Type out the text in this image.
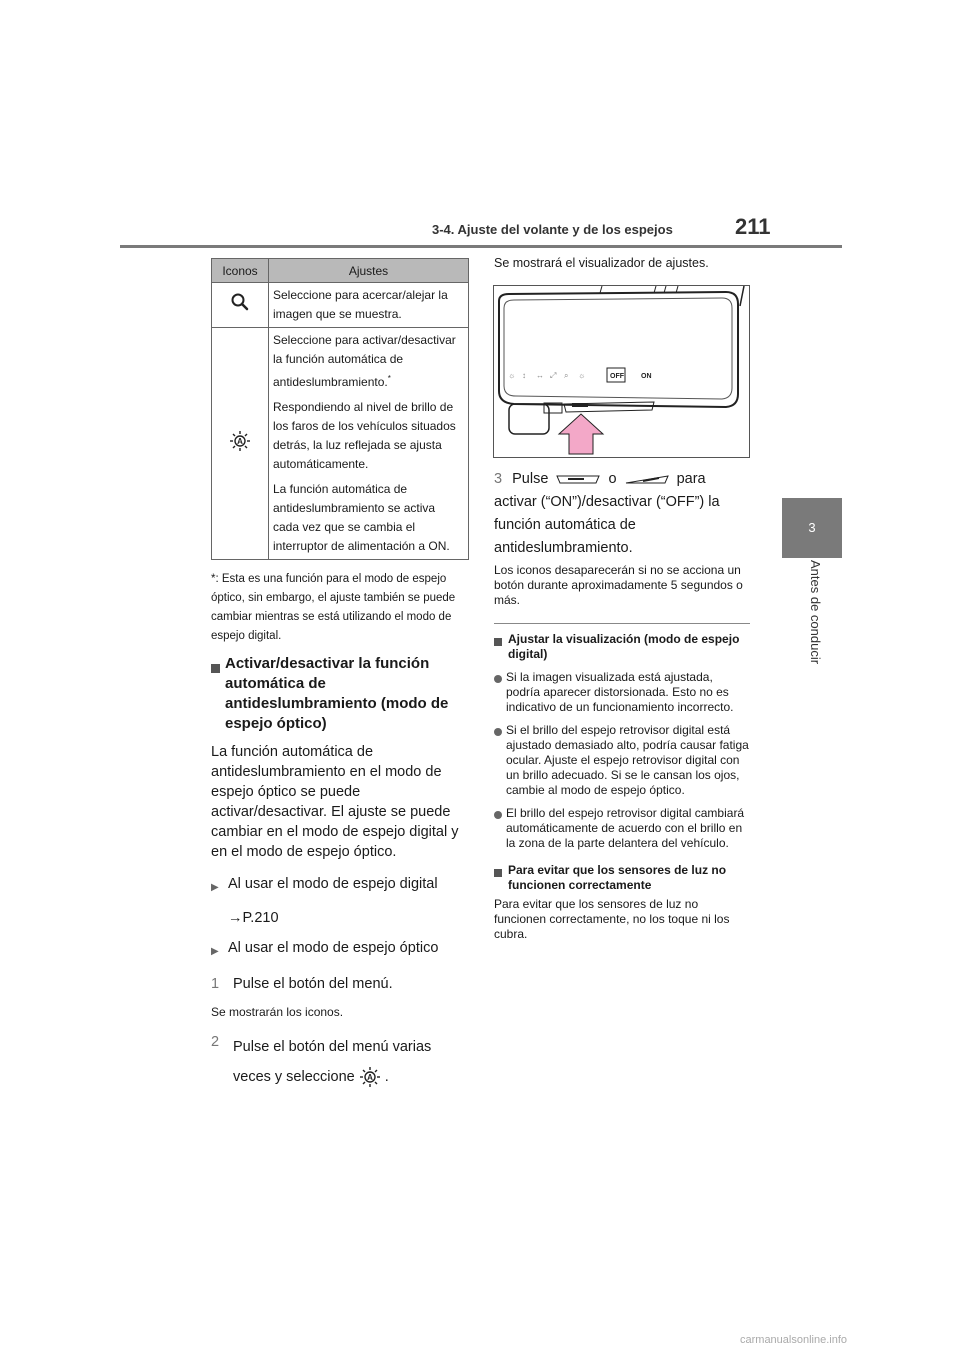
3-4. Ajuste del volante y de los espejos	211
3
Antes de conducir
Iconos	Ajustes

Seleccione para acercar/alejar la imagen que se muestra.

A	Seleccione para activar/desactivar la función automática de antideslumbramiento.*

Respondiendo al nivel de brillo de los faros de los vehículos situados detrás, la luz reflejada se ajusta automáticamente.

La función automática de antideslumbramiento se activa cada vez que se cambia el interruptor de alimentación a ON.

*: Esta es una función para el modo de espejo óptico, sin embargo, el ajuste también se puede cambiar mientras se está utilizando el modo de espejo digital.
Activar/desactivar la función automática de antideslumbramiento (modo de espejo óptico)

La función automática de antideslumbramiento en el modo de espejo óptico se puede activar/desactivar. El ajuste se puede cambiar en el modo de espejo digital y en el modo de espejo óptico.

▶ Al usar el modo de espejo digital
→P.210
▶ Al usar el modo de espejo óptico
1 Pulse el botón del menú.

Se mostrarán los iconos.

2 Pulse el botón del menú varias veces y seleccione A .

Se mostrará el visualizador de ajustes.

☼ ↕ ↔ ⤢ ⌕ ☼	OFF ON
3 Pulse	o	para activar (“ON”)/desactivar (“OFF”) la función automática de antideslumbramiento.

Los iconos desaparecerán si no se acciona un botón durante aproximadamente 5 segundos o más.

Ajustar la visualización (modo de espejo digital)
Si la imagen visualizada está ajustada, podría aparecer distorsionada. Esto no es indicativo de un funcionamiento incorrecto.
Si el brillo del espejo retrovisor digital está ajustado demasiado alto, podría causar fatiga ocular. Ajuste el espejo retrovisor digital con un brillo adecuado. Si se le cansan los ojos, cambie al modo de espejo óptico.
El brillo del espejo retrovisor digital cambiará automáticamente de acuerdo con el brillo en la zona de la parte delantera del vehículo.
Para evitar que los sensores de luz no funcionen correctamente

Para evitar que los sensores de luz no funcionen correctamente, no los toque ni los cubra.

carmanualsonline.info
